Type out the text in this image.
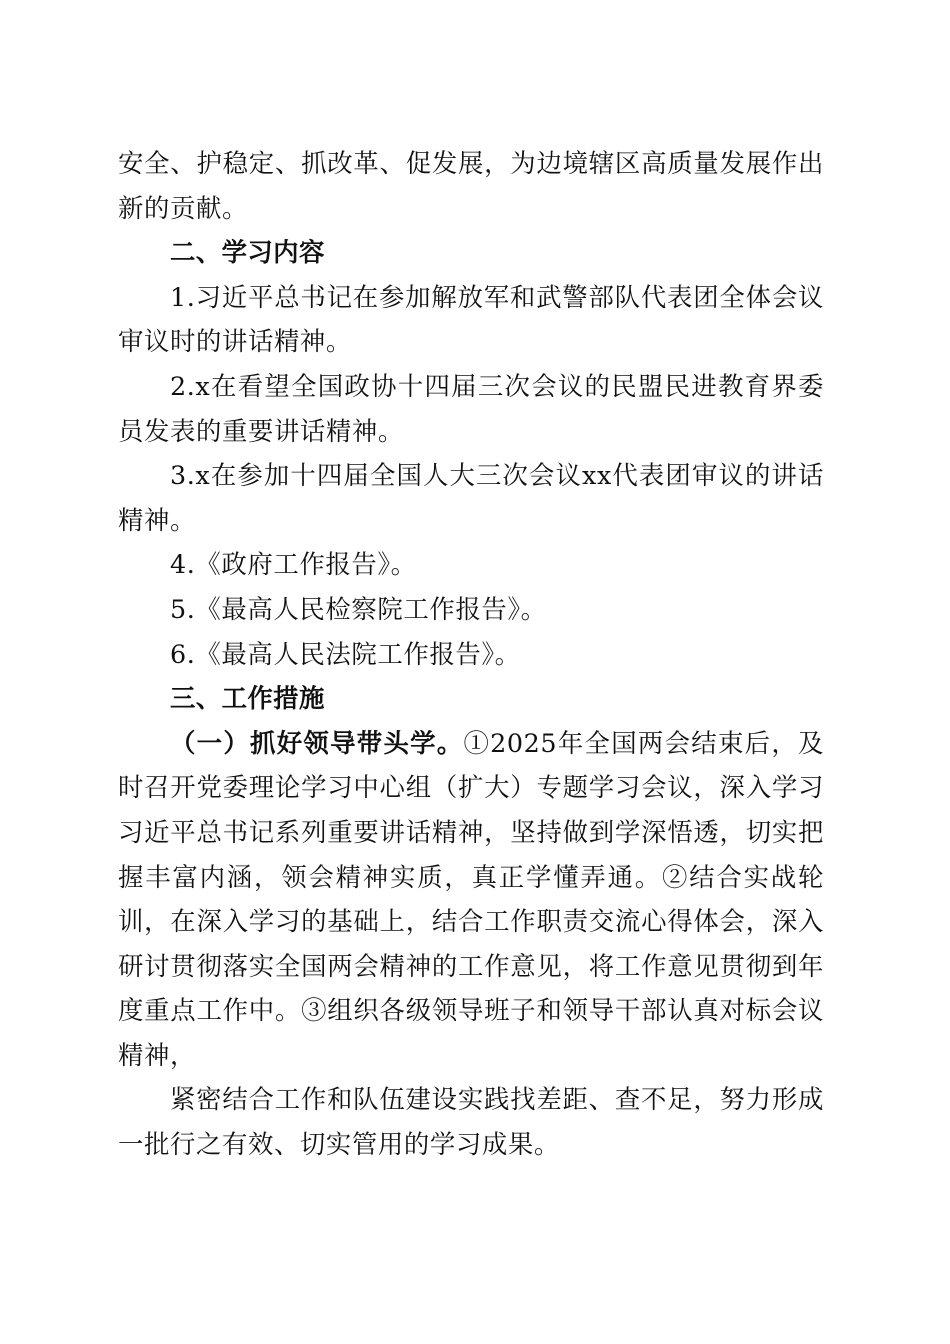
安全、护稳定、抓改革、促发展，为边境辖区高质量发展作出新的贡献。

二、学习内容

1.习近平总书记在参加解放军和武警部队代表团全体会议审议时的讲话精神。

2.x在看望全国政协十四届三次会议的民盟民进教育界委员发表的重要讲话精神。

3.x在参加十四届全国人大三次会议xx代表团审议的讲话精神。

4.《政府工作报告》。

5.《最高人民检察院工作报告》。

6.《最高人民法院工作报告》。

三、工作措施

（一）抓好领导带头学。①2025年全国两会结束后，及时召开党委理论学习中心组（扩大）专题学习会议，深入学习习近平总书记系列重要讲话精神，坚持做到学深悟透，切实把握丰富内涵，领会精神实质，真正学懂弄通。②结合实战轮训，在深入学习的基础上，结合工作职责交流心得体会，深入研讨贯彻落实全国两会精神的工作意见，将工作意见贯彻到年度重点工作中。③组织各级领导班子和领导干部认真对标会议精神，

紧密结合工作和队伍建设实践找差距、查不足，努力形成一批行之有效、切实管用的学习成果。
